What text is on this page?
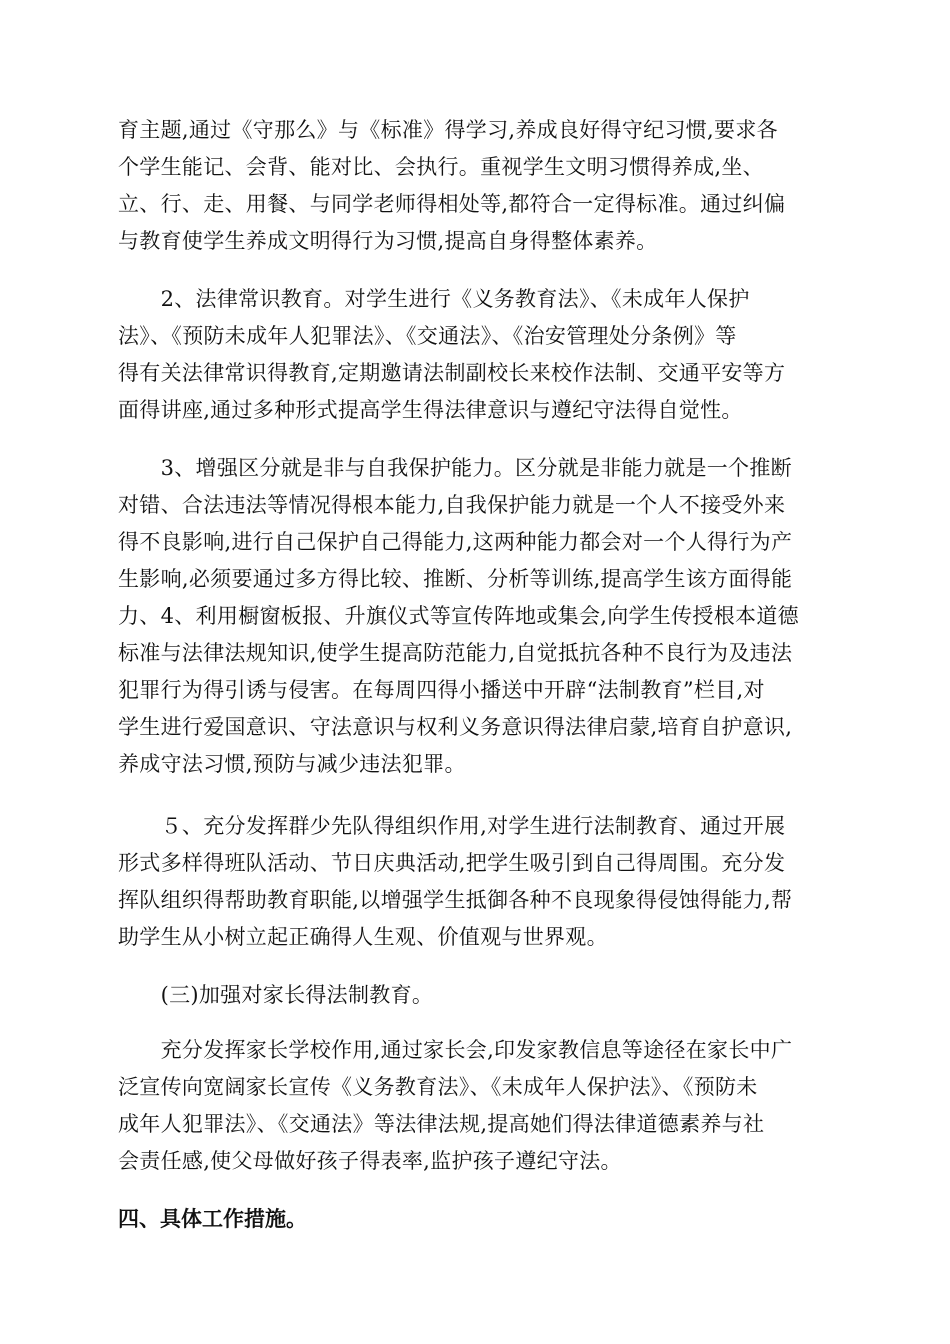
育主题,通过《守那么》与《标准》得学习,养成良好得守纪习惯,要求各
个学生能记、会背、能对比、会执行。重视学生文明习惯得养成,坐、
立、行、走、用餐、与同学老师得相处等,都符合一定得标准。通过纠偏
与教育使学生养成文明得行为习惯,提高自身得整体素养。

　　2、法律常识教育。对学生进行《义务教育法》、《未成年人保护
法》、《预防未成年人犯罪法》、《交通法》、《治安管理处分条例》等
得有关法律常识得教育,定期邀请法制副校长来校作法制、交通平安等方
面得讲座,通过多种形式提高学生得法律意识与遵纪守法得自觉性。

　　3、增强区分就是非与自我保护能力。区分就是非能力就是一个推断
对错、合法违法等情况得根本能力,自我保护能力就是一个人不接受外来
得不良影响,进行自己保护自己得能力,这两种能力都会对一个人得行为产
生影响,必须要通过多方得比较、推断、分析等训练,提高学生该方面得能
力、4、利用橱窗板报、升旗仪式等宣传阵地或集会,向学生传授根本道德
标准与法律法规知识,使学生提高防范能力,自觉抵抗各种不良行为及违法
犯罪行为得引诱与侵害。在每周四得小播送中开辟“法制教育”栏目,对
学生进行爱国意识、守法意识与权利义务意识得法律启蒙,培育自护意识,
养成守法习惯,预防与减少违法犯罪。

　　５、充分发挥群少先队得组织作用,对学生进行法制教育、通过开展
形式多样得班队活动、节日庆典活动,把学生吸引到自己得周围。充分发
挥队组织得帮助教育职能,以增强学生抵御各种不良现象得侵蚀得能力,帮
助学生从小树立起正确得人生观、价值观与世界观。

　　(三)加强对家长得法制教育。

　　充分发挥家长学校作用,通过家长会,印发家教信息等途径在家长中广
泛宣传向宽阔家长宣传《义务教育法》、《未成年人保护法》、《预防未
成年人犯罪法》、《交通法》等法律法规,提高她们得法律道德素养与社
会责任感,使父母做好孩子得表率,监护孩子遵纪守法。

四、具体工作措施。
